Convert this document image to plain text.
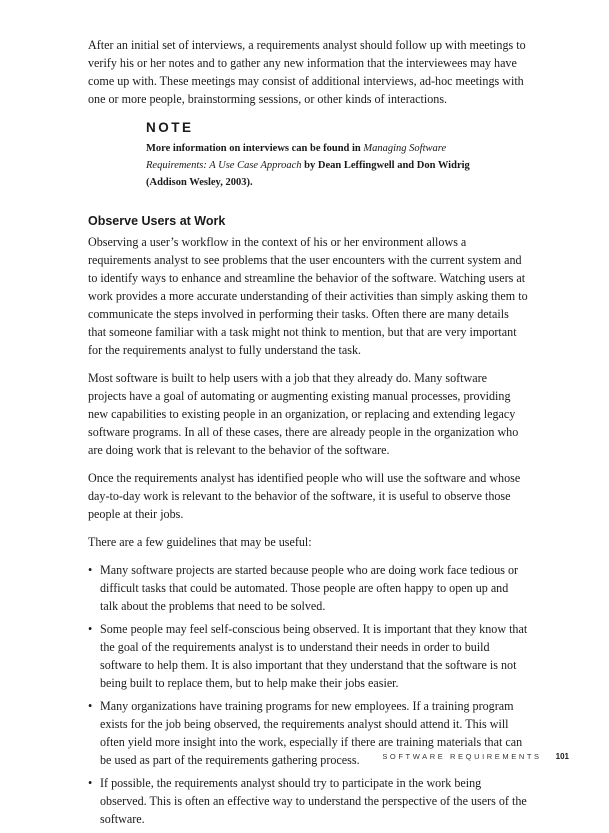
After an initial set of interviews, a requirements analyst should follow up with meetings to verify his or her notes and to gather any new information that the interviewees may have come up with. These meetings may consist of additional interviews, ad-hoc meetings with one or more people, brainstorming sessions, or other kinds of interactions.

NOTE
More information on interviews can be found in Managing Software Requirements: A Use Case Approach by Dean Leffingwell and Don Widrig (Addison Wesley, 2003).
Observe Users at Work

Observing a user’s workflow in the context of his or her environment allows a requirements analyst to see problems that the user encounters with the current system and to identify ways to enhance and streamline the behavior of the software. Watching users at work provides a more accurate understanding of their activities than simply asking them to communicate the steps involved in performing their tasks. Often there are many details that someone familiar with a task might not think to mention, but that are very important for the requirements analyst to fully understand the task.

Most software is built to help users with a job that they already do. Many software projects have a goal of automating or augmenting existing manual processes, providing new capabilities to existing people in an organization, or replacing and extending legacy software programs. In all of these cases, there are already people in the organization who are doing work that is relevant to the behavior of the software.

Once the requirements analyst has identified people who will use the software and whose day-to-day work is relevant to the behavior of the software, it is useful to observe those people at their jobs.

There are a few guidelines that may be useful:

• Many software projects are started because people who are doing work face tedious or difficult tasks that could be automated. Those people are often happy to open up and talk about the problems that need to be solved.

• Some people may feel self-conscious being observed. It is important that they know that the goal of the requirements analyst is to understand their needs in order to build software to help them. It is also important that they understand that the software is not being built to replace them, but to help make their jobs easier.

• Many organizations have training programs for new employees. If a training program exists for the job being observed, the requirements analyst should attend it. This will often yield more insight into the work, especially if there are training materials that can be used as part of the requirements gathering process.

• If possible, the requirements analyst should try to participate in the work being observed. This is often an effective way to understand the perspective of the users of the software.

SOFTWARE REQUIREMENTS 101
